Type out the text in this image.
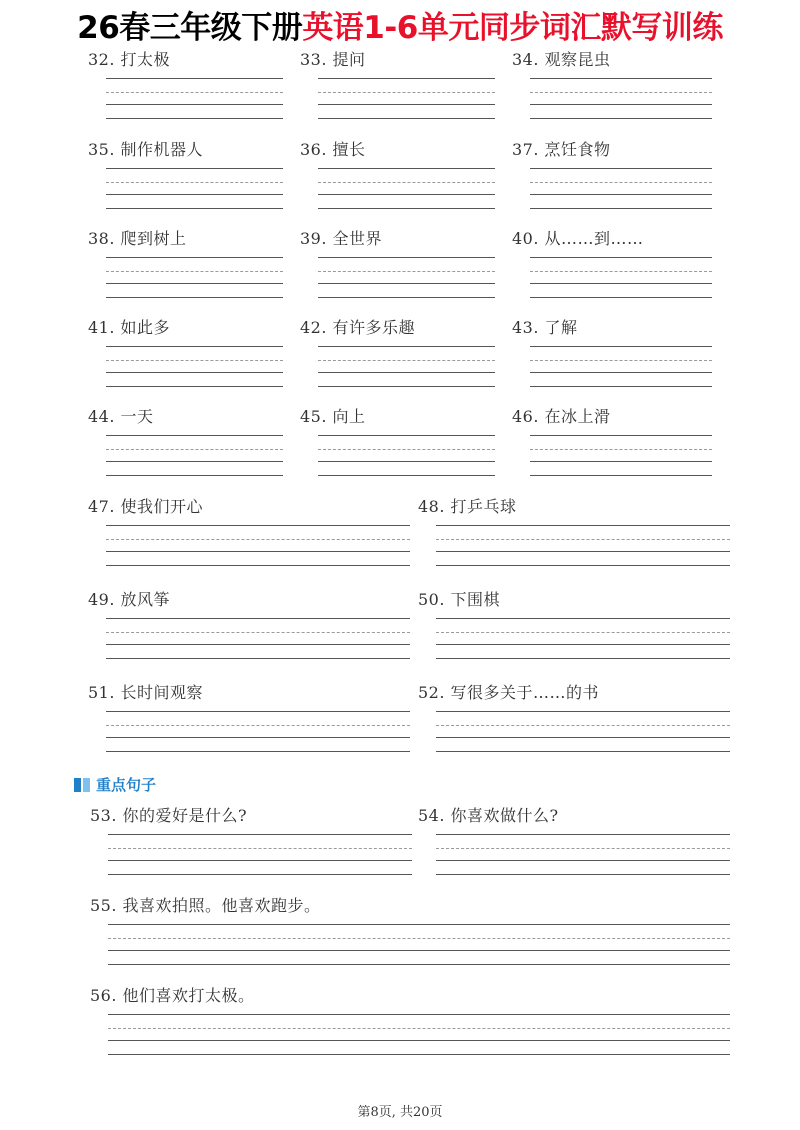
26春三年级下册 英语1-6单元同步词汇默写训练
32. 打太极	33. 提问	34. 观察昆虫
35. 制作机器人	36. 擅长	37. 烹饪食物
38. 爬到树上	39. 全世界	40. 从……到……
41. 如此多	42. 有许多乐趣	43. 了解
44. 一天	45. 向上	46. 在冰上滑
47. 使我们开心	48. 打乒乓球
49. 放风筝	50. 下围棋
51. 长时间观察	52. 写很多关于……的书
53. 你的爱好是什么?	54. 你喜欢做什么?
55. 我喜欢拍照。他喜欢跑步。
56. 他们喜欢打太极。
重点句子
第8页, 共20页
